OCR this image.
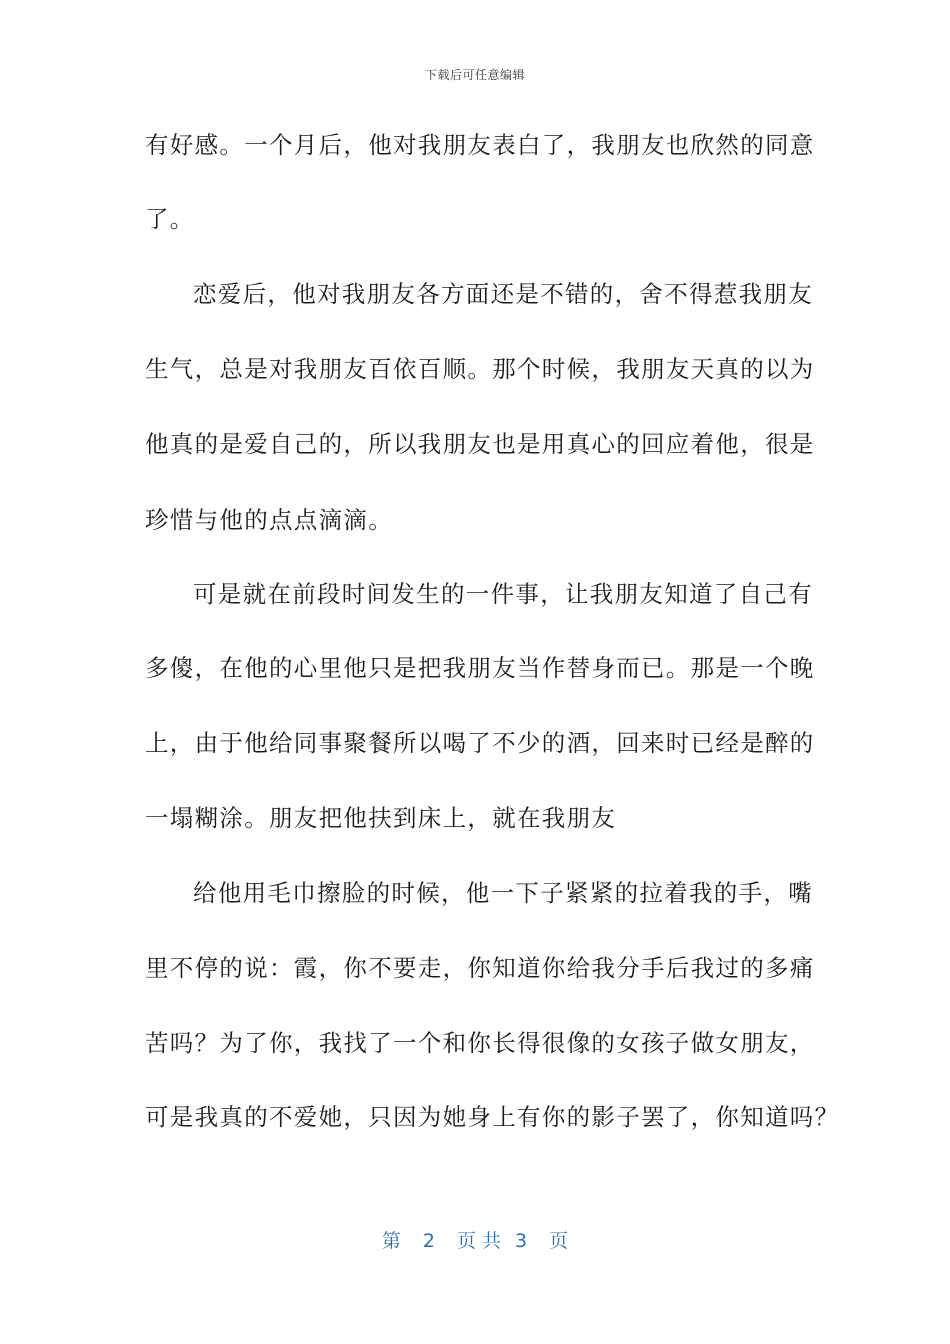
下载后可任意编辑
有好感。一个月后，他对我朋友表白了，我朋友也欣然的同意
了。
恋爱后，他对我朋友各方面还是不错的，舍不得惹我朋友
生气，总是对我朋友百依百顺。那个时候，我朋友天真的以为
他真的是爱自己的，所以我朋友也是用真心的回应着他，很是
珍惜与他的点点滴滴。
可是就在前段时间发生的一件事，让我朋友知道了自己有
多傻，在他的心里他只是把我朋友当作替身而已。那是一个晚
上，由于他给同事聚餐所以喝了不少的酒，回来时已经是醉的
一塌糊涂。朋友把他扶到床上，就在我朋友
给他用毛巾擦脸的时候，他一下子紧紧的拉着我的手，嘴
里不停的说：霞，你不要走，你知道你给我分手后我过的多痛
苦吗？为了你，我找了一个和你长得很像的女孩子做女朋友，
可是我真的不爱她，只因为她身上有你的影子罢了，你知道吗？
第 2 页 共 3 页
